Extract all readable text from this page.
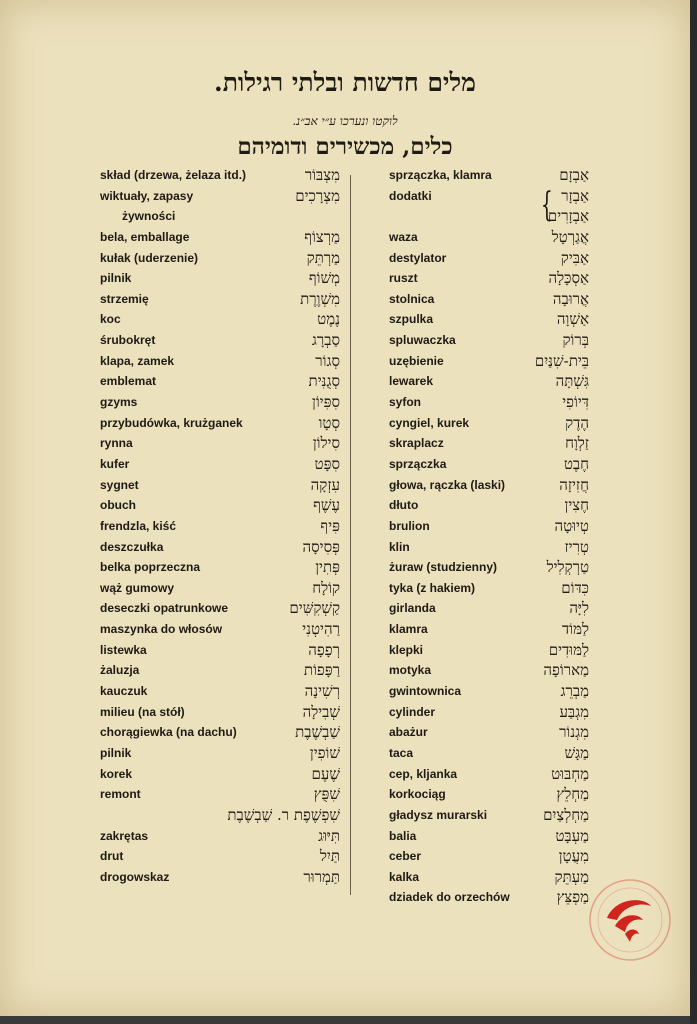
מלים חדשות ובלתי רגילות.
לוקטו ונערכו ע״י אב״נ.
כלים, מכשירים ודומיהם
{
skład (drzewa, żelaza itd.)	מִצְבּוֹר
wiktuały, zapasy	מִצְרָכִים
żywności
bela, emballage	מַרְצוֹף
kułak (uderzenie)	מַרְתֵּק
pilnik	מְשׁוֹף
strzemię	מִשְׁוֶרֶת
koc	נֶמֶט
śrubokręt	סַבְרָג
klapa, zamek	סְגוֹר
emblemat	סְגֻנִּית
gzyms	סִפִּיוֹן
przybudówka, krużganek	סְטָו
rynna	סִילוֹן
kufer	סִפָּט
sygnet	עִזְקָה
obuch	עֶשֶׁף
frendzla, kiść	פִּיף
deszczułka	פְּסִיסָה
belka poprzeczna	פְּתִין
wąż gumowy	קוֹלָח
deseczki opatrunkowe	קַשְׁקִשִּׁים
maszynka do włosów	רַהִיטְנִי
listewka	רְפָפָה
żaluzja	רַפָּפוֹת
kauczuk	רְשִׁינָה
milieu (na stół)	שְׁבִילָה
chorągiewka (na dachu)	שַׁבְשֶׁבֶת
pilnik	שׁוֹפִין
korek	שֶׁעֶם
remont	שִׁפֻּץ
שִׁפְשֶׁפֶת ר. שַׁבְשֶׁבֶת
zakrętas	תִּיּוּג
drut	תַּיִל
drogowskaz	תַּמְרוּר
sprzączka, klamra	אַבְזָם
dodatki	אַבְזָר
אַבְזָרִים
waza	אֲגַרְטָל
destylator	אַבִּיק
ruszt	אַסְכָּלָה
stolnica	אֲרוּבָה
szpulka	אַשְׁוָה
spluwaczka	בְּרוֹק
uzębienie	בֵּית-שִׁנַּיִם
lewarek	גִּשְׁתָּה
syfon	דִּיוֹפִי
cyngiel, kurek	הֶדֶק
skraplacz	זַלְוָח
sprzączka	חֶבֶט
głowa, rączka (laski)	חֲזִיזָה
dłuto	חֶצִין
brulion	טְיוּטָה
klin	טְרִיז
żuraw (studzienny)	טַרְקְלִיל
tyka (z hakiem)	כִּדּוֹם
girlanda	לִיָּה
klamra	לַמּוֹד
klepki	לַמּוּדִים
motyka	מַארוֹפָה
gwintownica	מַבְרֵג
cylinder	מִגְבַּע
abażur	מִגְנוֹר
taca	מַגָּשׁ
cep, kljanka	מַחְבּוּט
korkociąg	מַחְלֵץ
gładysz murarski	מַחְלְצַיִם
balia	מַעְבָּט
ceber	מִעֲטָן
kalka	מַעְתֵּק
dziadek do orzechów	מַפְצֵּץ
